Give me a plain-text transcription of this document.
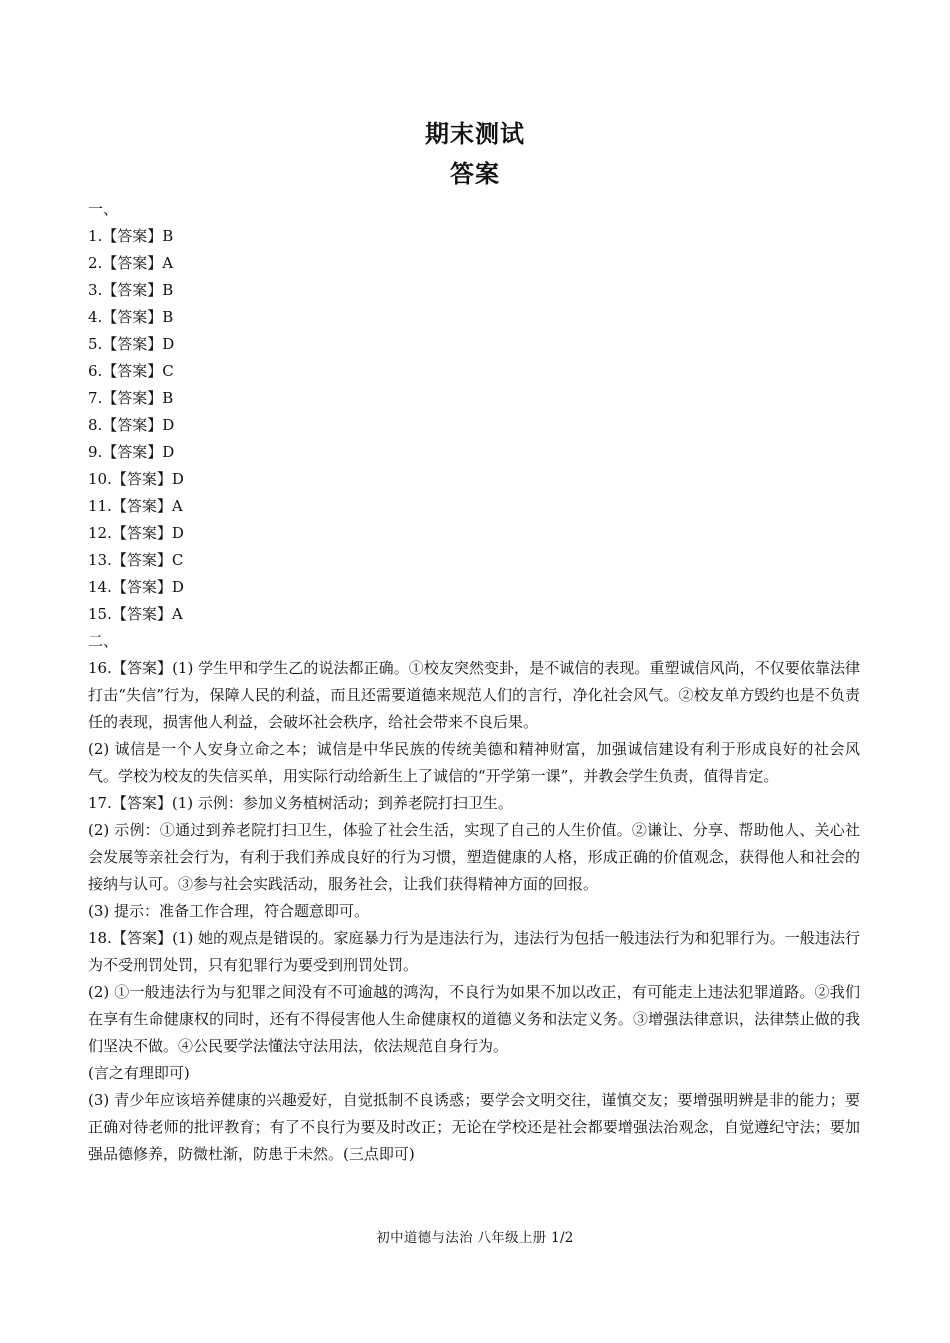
期末测试
答案
一、
1.【答案】B
2.【答案】A
3.【答案】B
4.【答案】B
5.【答案】D
6.【答案】C
7.【答案】B
8.【答案】D
9.【答案】D
10.【答案】D
11.【答案】A
12.【答案】D
13.【答案】C
14.【答案】D
15.【答案】A
二、

16.【答案】(1) 学生甲和学生乙的说法都正确。①校友突然变卦，是不诚信的表现。重塑诚信风尚，不仅要依靠法律打击“失信”行为，保障人民的利益，而且还需要道德来规范人们的言行，净化社会风气。②校友单方毁约也是不负责任的表现，损害他人利益，会破坏社会秩序，给社会带来不良后果。

(2) 诚信是一个人安身立命之本；诚信是中华民族的传统美德和精神财富，加强诚信建设有利于形成良好的社会风气。学校为校友的失信买单，用实际行动给新生上了诚信的“开学第一课”，并教会学生负责，值得肯定。

17.【答案】(1) 示例：参加义务植树活动；到养老院打扫卫生。

(2) 示例：①通过到养老院打扫卫生，体验了社会生活，实现了自己的人生价值。②谦让、分享、帮助他人、关心社会发展等亲社会行为，有利于我们养成良好的行为习惯，塑造健康的人格，形成正确的价值观念，获得他人和社会的接纳与认可。③参与社会实践活动，服务社会，让我们获得精神方面的回报。

(3) 提示：准备工作合理，符合题意即可。

18.【答案】(1) 她的观点是错误的。家庭暴力行为是违法行为，违法行为包括一般违法行为和犯罪行为。一般违法行为不受刑罚处罚，只有犯罪行为要受到刑罚处罚。

(2) ①一般违法行为与犯罪之间没有不可逾越的鸿沟，不良行为如果不加以改正，有可能走上违法犯罪道路。②我们在享有生命健康权的同时，还有不得侵害他人生命健康权的道德义务和法定义务。③增强法律意识，法律禁止做的我们坚决不做。④公民要学法懂法守法用法，依法规范自身行为。

(言之有理即可)

(3) 青少年应该培养健康的兴趣爱好，自觉抵制不良诱惑；要学会文明交往，谨慎交友；要增强明辨是非的能力；要正确对待老师的批评教育；有了不良行为要及时改正；无论在学校还是社会都要增强法治观念，自觉遵纪守法；要加强品德修养，防微杜渐，防患于未然。(三点即可)

初中道德与法治 八年级上册 1/2
